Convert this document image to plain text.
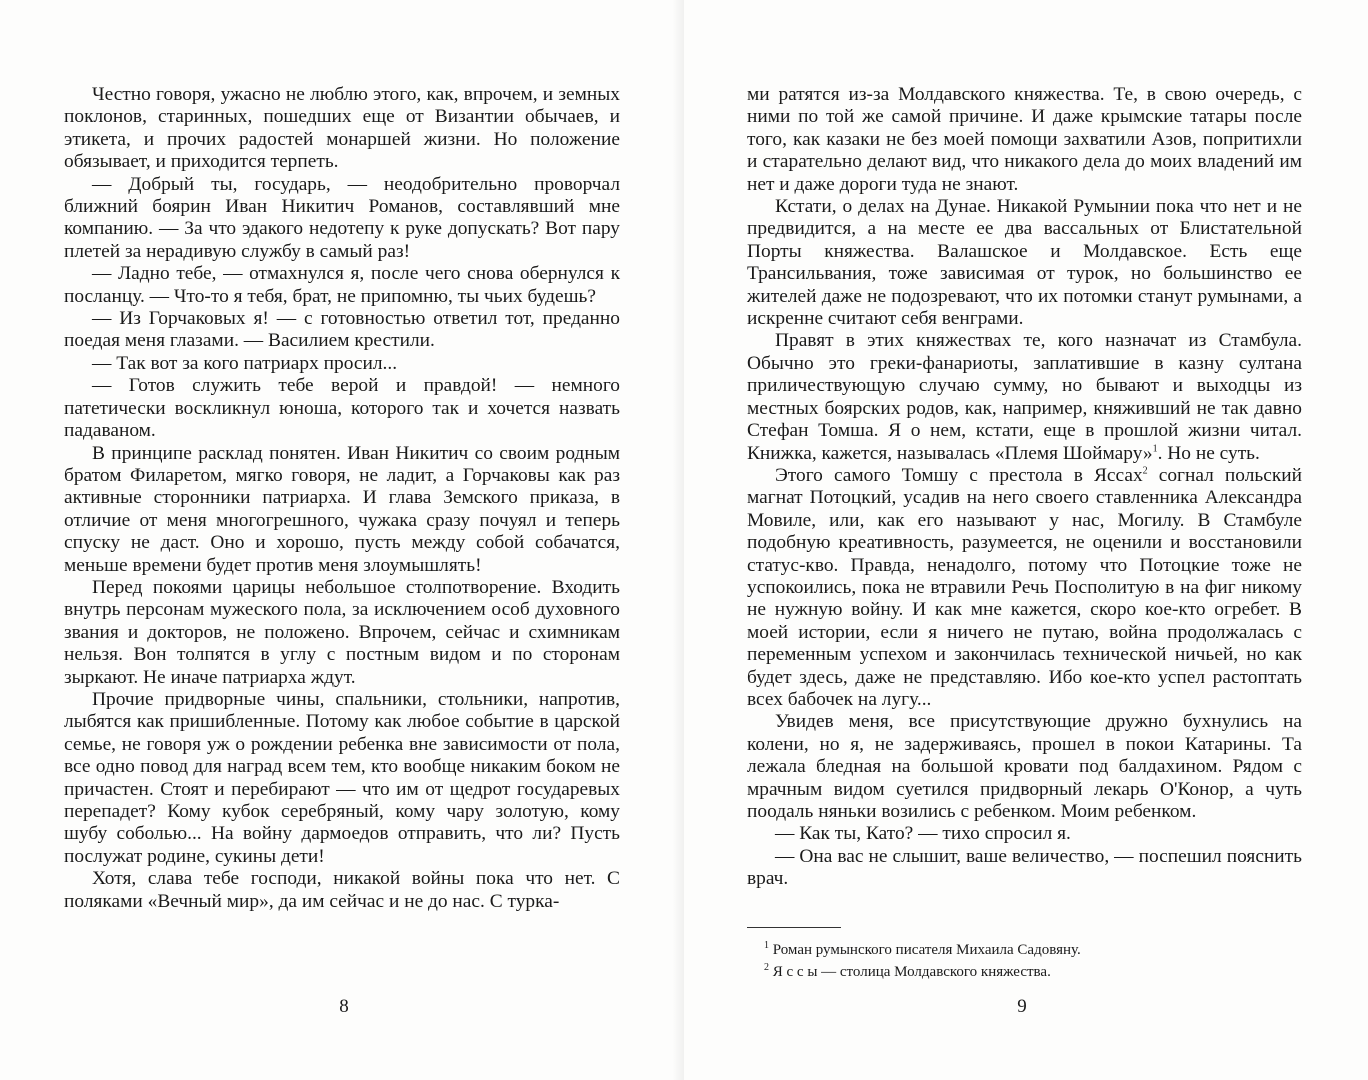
Честно говоря, ужасно не люблю этого, как, впрочем, и земных поклонов, старинных, пошедших еще от Византии обычаев, и этикета, и прочих радостей монаршей жизни. Но положение обязывает, и приходится терпеть.

— Добрый ты, государь, — неодобрительно проворчал ближний боярин Иван Никитич Романов, составлявший мне компанию. — За что эдакого недотепу к руке допускать? Вот пару плетей за нерадивую службу в самый раз!

— Ладно тебе, — отмахнулся я, после чего снова обернулся к посланцу. — Что-то я тебя, брат, не припомню, ты чьих будешь?

— Из Горчаковых я! — с готовностью ответил тот, преданно поедая меня глазами. — Василием крестили.

— Так вот за кого патриарх просил...

— Готов служить тебе верой и правдой! — немного патетически воскликнул юноша, которого так и хочется назвать падаваном.

В принципе расклад понятен. Иван Никитич со своим родным братом Филаретом, мягко говоря, не ладит, а Горчаковы как раз активные сторонники патриарха. И глава Земского приказа, в отличие от меня многогрешного, чужака сразу почуял и теперь спуску не даст. Оно и хорошо, пусть между собой собачатся, меньше времени будет против меня злоумышлять!

Перед покоями царицы небольшое столпотворение. Входить внутрь персонам мужеского пола, за исключением особ духовного звания и докторов, не положено. Впрочем, сейчас и схимникам нельзя. Вон толпятся в углу с постным видом и по сторонам зыркают. Не иначе патриарха ждут.

Прочие придворные чины, спальники, стольники, напротив, лыбятся как пришибленные. Потому как любое событие в царской семье, не говоря уж о рождении ребенка вне зависимости от пола, все одно повод для наград всем тем, кто вообще никаким боком не причастен. Стоят и перебирают — что им от щедрот государевых перепадет? Кому кубок серебряный, кому чару золотую, кому шубу соболью... На войну дармоедов отправить, что ли? Пусть послужат родине, сукины дети!

Хотя, слава тебе господи, никакой войны пока что нет. С поляками «Вечный мир», да им сейчас и не до нас. С турка-

8

ми ратятся из-за Молдавского княжества. Те, в свою очередь, с ними по той же самой причине. И даже крымские татары после того, как казаки не без моей помощи захватили Азов, попритихли и старательно делают вид, что никакого дела до моих владений им нет и даже дороги туда не знают.

Кстати, о делах на Дунае. Никакой Румынии пока что нет и не предвидится, а на месте ее два вассальных от Блистательной Порты княжества. Валашское и Молдавское. Есть еще Трансильвания, тоже зависимая от турок, но большинство ее жителей даже не подозревают, что их потомки станут румынами, а искренне считают себя венграми.

Правят в этих княжествах те, кого назначат из Стамбула. Обычно это греки-фанариоты, заплатившие в казну султана приличествующую случаю сумму, но бывают и выходцы из местных боярских родов, как, например, княживший не так давно Стефан Томша. Я о нем, кстати, еще в прошлой жизни читал. Книжка, кажется, называлась «Племя Шоймару»$^1$. Но не суть.

Этого самого Томшу с престола в Яссах$^2$ согнал польский магнат Потоцкий, усадив на него своего ставленника Александра Мовиле, или, как его называют у нас, Могилу. В Стамбуле подобную креативность, разумеется, не оценили и восстановили статус-кво. Правда, ненадолго, потому что Потоцкие тоже не успокоились, пока не втравили Речь Посполитую в на фиг никому не нужную войну. И как мне кажется, скоро кое-кто огребет. В моей истории, если я ничего не путаю, война продолжалась с переменным успехом и закончилась технической ничьей, но как будет здесь, даже не представляю. Ибо кое-кто успел растоптать всех бабочек на лугу...

Увидев меня, все присутствующие дружно бухнулись на колени, но я, не задерживаясь, прошел в покои Катарины. Та лежала бледная на большой кровати под балдахином. Рядом с мрачным видом суетился придворный лекарь О'Конор, а чуть поодаль няньки возились с ребенком. Моим ребенком.

— Как ты, Като? — тихо спросил я.

— Она вас не слышит, ваше величество, — поспешил пояснить врач.

$^1$ Роман румынского писателя Михаила Садовяну.

$^2$ Я с с ы — столица Молдавского княжества.

9
